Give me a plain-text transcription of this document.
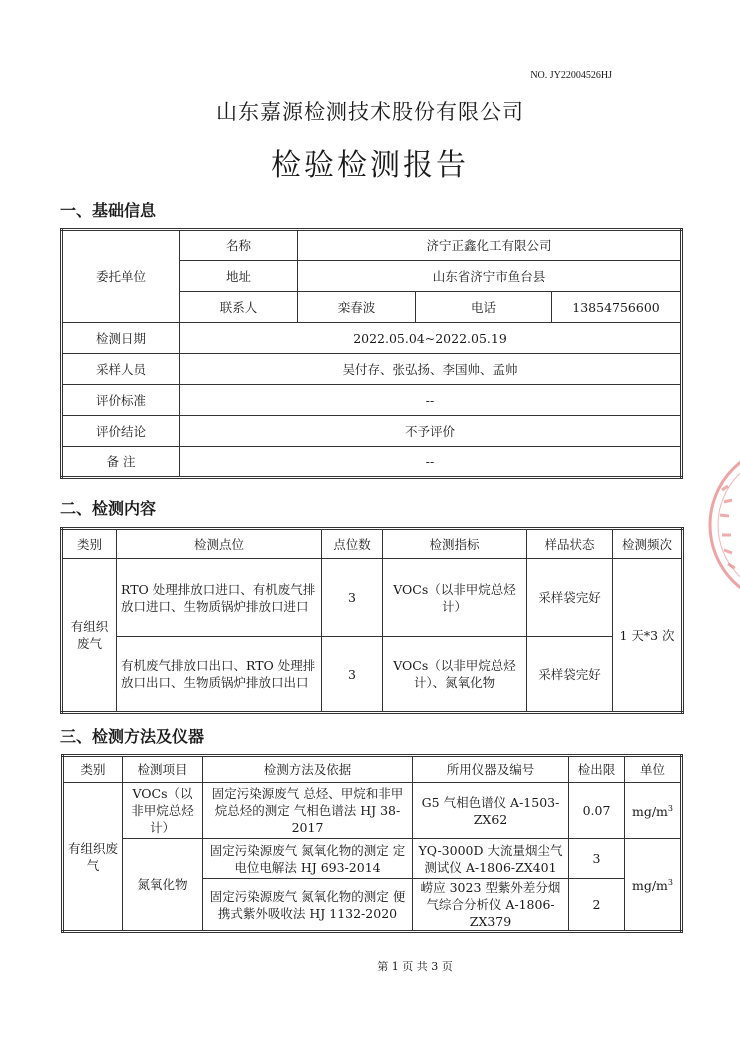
NO. JY22004526HJ
山东嘉源检测技术股份有限公司
检验检测报告
一、基础信息
委托单位	名称	济宁正鑫化工有限公司		
	地址	山东省济宁市鱼台县		
	联系人	栾春波	电话	13854756600
检测日期	2022.05.04~2022.05.19			
采样人员	吴付存、张弘扬、李国帅、孟帅			
评价标准	--			
评价结论	不予评价			
备 注	--			
二、检测内容
类别	检测点位	点位数	检测指标	样品状态	检测频次
有组织废气	RTO 处理排放口进口、有机废气排放口进口、生物质锅炉排放口进口	3	VOCs（以非甲烷总烃计）	采样袋完好	1 天*3 次
	有机废气排放口出口、RTO 处理排放口出口、生物质锅炉排放口出口	3	VOCs（以非甲烷总烃计）、氮氧化物	采样袋完好	
三、检测方法及仪器
类别	检测项目	检测方法及依据	所用仪器及编号	检出限	单位
有组织废气	VOCs（以非甲烷总烃计）	固定污染源废气 总烃、甲烷和非甲烷总烃的测定 气相色谱法 HJ 38-2017	G5 气相色谱仪 A-1503-ZX62	0.07	$mg/m^3$
	氮氧化物	固定污染源废气 氮氧化物的测定 定电位电解法 HJ 693-2014	YQ-3000D 大流量烟尘气测试仪 A-1806-ZX401	3	$mg/m^3$
		固定污染源废气 氮氧化物的测定 便携式紫外吸收法 HJ 1132-2020	崂应 3023 型紫外差分烟气综合分析仪 A-1806-ZX379	2	
第 1 页 共 3 页
